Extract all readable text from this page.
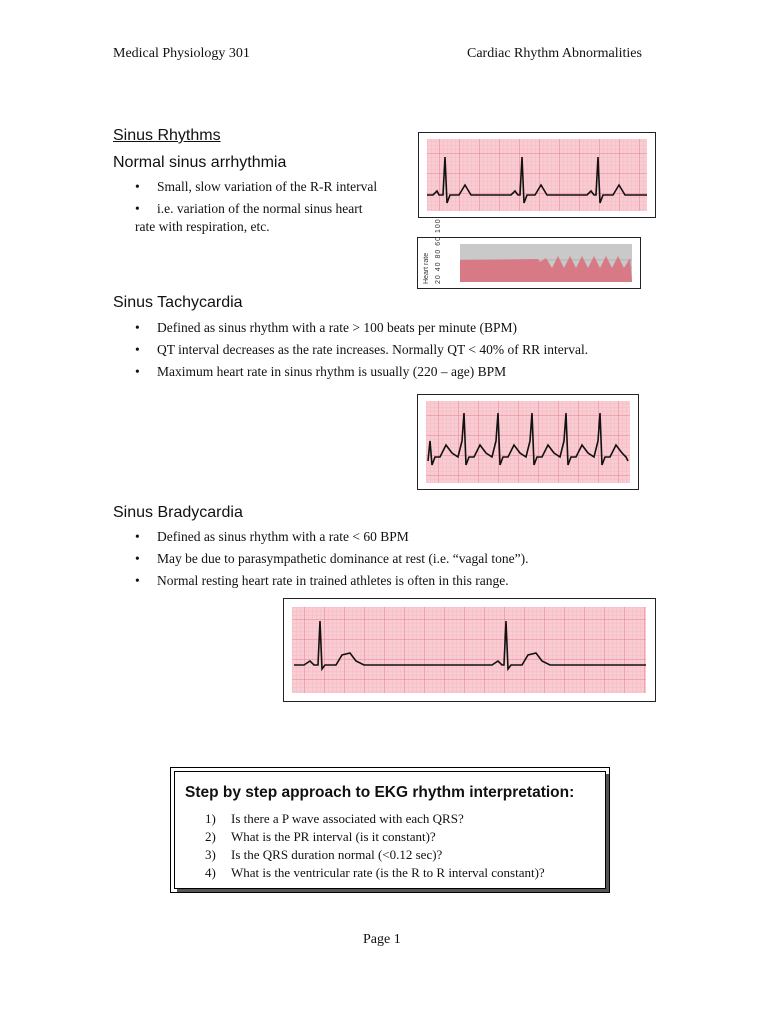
Medical Physiology 301	Cardiac Rhythm Abnormalities
Sinus Rhythms
Normal sinus arrhythmia
• Small, slow variation of the R-R interval
• i.e. variation of the normal sinus heart
rate with respiration, etc.
Heart rate 20 40 80 60 100
Sinus Tachycardia
• Defined as sinus rhythm with a rate > 100 beats per minute (BPM)
• QT interval decreases as the rate increases. Normally QT < 40% of RR interval.
• Maximum heart rate in sinus rhythm is usually (220 – age) BPM
Sinus Bradycardia
• Defined as sinus rhythm with a rate < 60 BPM
• May be due to parasympathetic dominance at rest (i.e. “vagal tone”).
• Normal resting heart rate in trained athletes is often in this range.
Step by step approach to EKG rhythm interpretation:
1) Is there a P wave associated with each QRS?
2) What is the PR interval (is it constant)?
3) Is the QRS duration normal (<0.12 sec)?
4) What is the ventricular rate (is the R to R interval constant)?
Page 1
